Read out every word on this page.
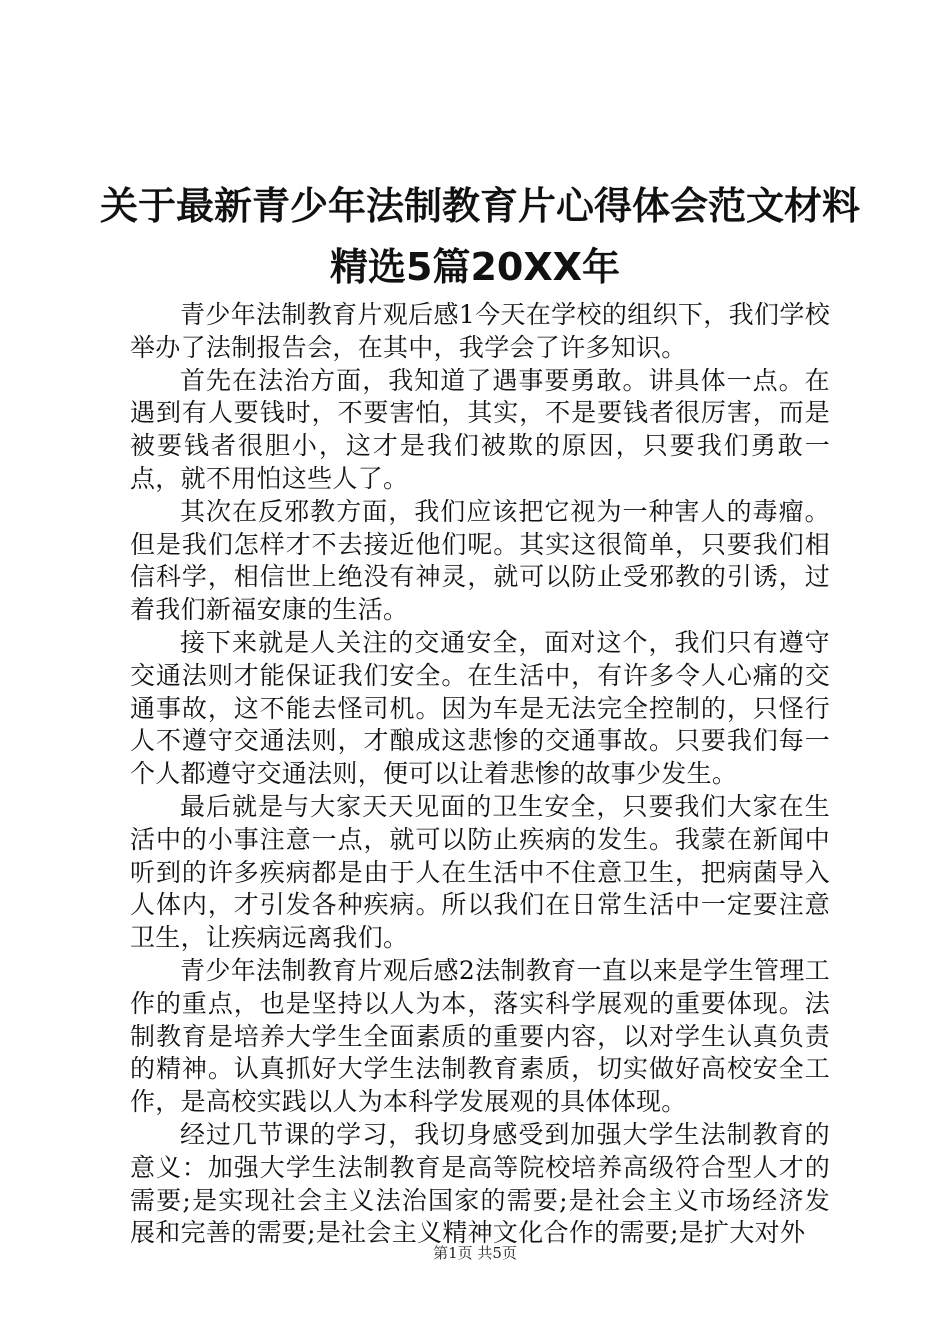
关于最新青少年法制教育片心得体会范文材料
精选5篇20XX年

青少年法制教育片观后感1今天在学校的组织下，我们学校举办了法制报告会，在其中，我学会了许多知识。

首先在法治方面，我知道了遇事要勇敢。讲具体一点。在遇到有人要钱时，不要害怕，其实，不是要钱者很厉害，而是被要钱者很胆小，这才是我们被欺的原因，只要我们勇敢一点，就不用怕这些人了。

其次在反邪教方面，我们应该把它视为一种害人的毒瘤。但是我们怎样才不去接近他们呢。其实这很简单，只要我们相信科学，相信世上绝没有神灵，就可以防止受邪教的引诱，过着我们新福安康的生活。

接下来就是人关注的交通安全，面对这个，我们只有遵守交通法则才能保证我们安全。在生活中，有许多令人心痛的交通事故，这不能去怪司机。因为车是无法完全控制的，只怪行人不遵守交通法则，才酿成这悲惨的交通事故。只要我们每一个人都遵守交通法则，便可以让着悲惨的故事少发生。

最后就是与大家天天见面的卫生安全，只要我们大家在生活中的小事注意一点，就可以防止疾病的发生。我蒙在新闻中听到的许多疾病都是由于人在生活中不住意卫生，把病菌导入人体内，才引发各种疾病。所以我们在日常生活中一定要注意卫生，让疾病远离我们。

青少年法制教育片观后感2法制教育一直以来是学生管理工作的重点，也是坚持以人为本，落实科学展观的重要体现。法制教育是培养大学生全面素质的重要内容，以对学生认真负责的精神。认真抓好大学生法制教育素质，切实做好高校安全工作，是高校实践以人为本科学发展观的具体体现。

经过几节课的学习，我切身感受到加强大学生法制教育的意义：加强大学生法制教育是高等院校培养高级符合型人才的需要;是实现社会主义法治国家的需要;是社会主义市场经济发展和完善的需要;是社会主义精神文化合作的需要;是扩大对外

第1页 共5页
